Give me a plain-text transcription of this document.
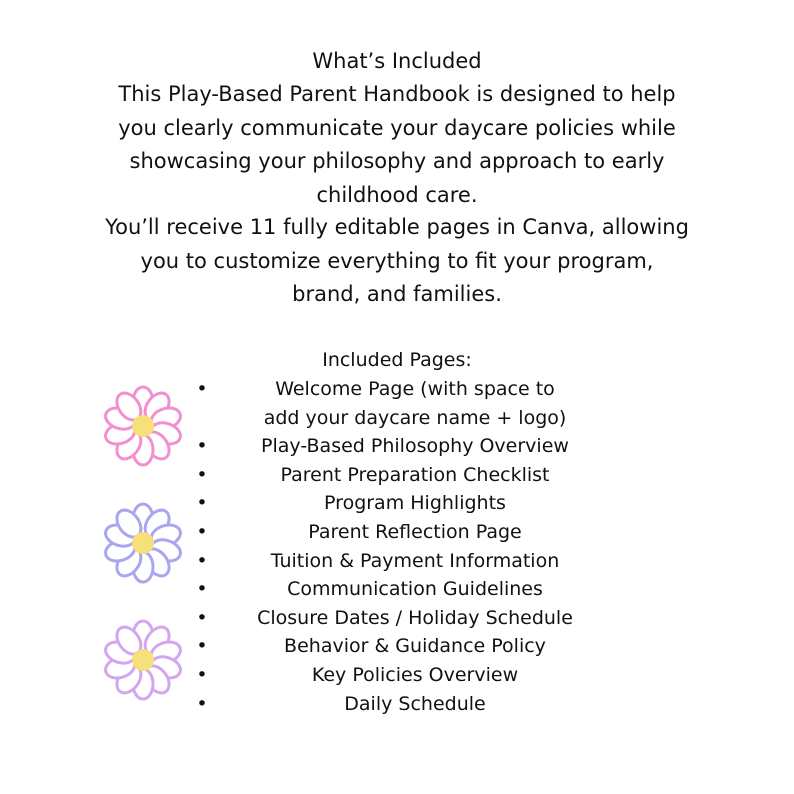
What’s Included
This Play-Based Parent Handbook is designed to help
you clearly communicate your daycare policies while
showcasing your philosophy and approach to early
childhood care.
You’ll receive 11 fully editable pages in Canva, allowing
you to customize everything to fit your program,
brand, and families.
Included Pages:
•	Welcome Page (with space to
add your daycare name + logo)
•	Play-Based Philosophy Overview
•	Parent Preparation Checklist
•	Program Highlights
•	Parent Reflection Page
•	Tuition & Payment Information
•	Communication Guidelines
•	Closure Dates / Holiday Schedule
•	Behavior & Guidance Policy
•	Key Policies Overview
•	Daily Schedule
